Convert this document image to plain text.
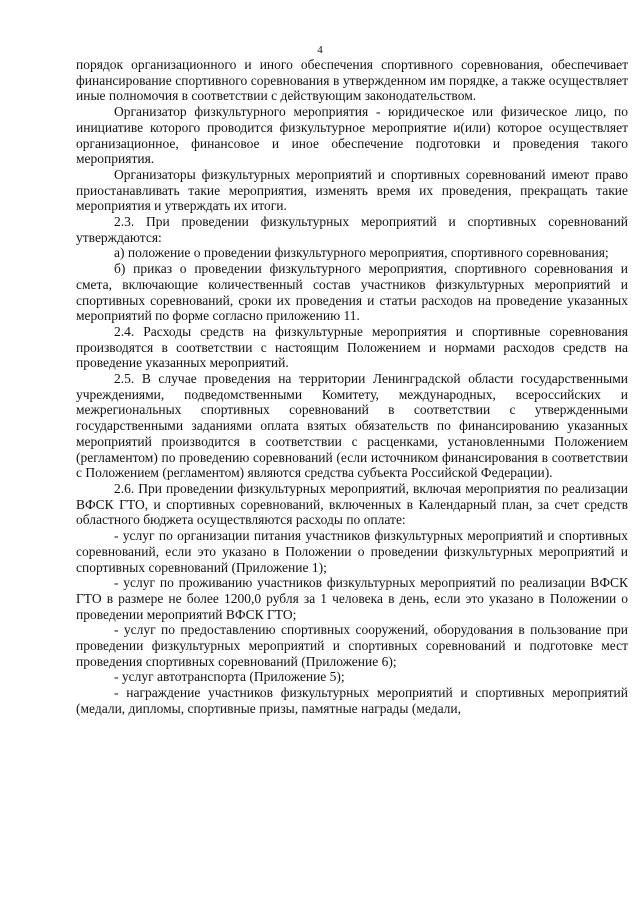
4

порядок организационного и иного обеспечения спортивного соревнования, обеспечивает финансирование спортивного соревнования в утвержденном им порядке, а также осуществляет иные полномочия в соответствии с действующим законодательством.

Организатор физкультурного мероприятия - юридическое или физическое лицо, по инициативе которого проводится физкультурное мероприятие и(или) которое осуществляет организационное, финансовое и иное обеспечение подготовки и проведения такого мероприятия.

Организаторы физкультурных мероприятий и спортивных соревнований имеют право приостанавливать такие мероприятия, изменять время их проведения, прекращать такие мероприятия и утверждать их итоги.

2.3. При проведении физкультурных мероприятий и спортивных соревнований утверждаются:

а) положение о проведении физкультурного мероприятия, спортивного соревнования;

б) приказ о проведении физкультурного мероприятия, спортивного соревнования и смета, включающие количественный состав участников физкультурных мероприятий и спортивных соревнований, сроки их проведения и статьи расходов на проведение указанных мероприятий по форме согласно приложению 11.

2.4. Расходы средств на физкультурные мероприятия и спортивные соревнования производятся в соответствии с настоящим Положением и нормами расходов средств на проведение указанных мероприятий.

2.5. В случае проведения на территории Ленинградской области государственными учреждениями, подведомственными Комитету, международных, всероссийских и межрегиональных спортивных соревнований в соответствии с утвержденными государственными заданиями оплата взятых обязательств по финансированию указанных мероприятий производится в соответствии с расценками, установленными Положением (регламентом) по проведению соревнований (если источником финансирования в соответствии с Положением (регламентом) являются средства субъекта Российской Федерации).

2.6. При проведении физкультурных мероприятий, включая мероприятия по реализации ВФСК ГТО, и спортивных соревнований, включенных в Календарный план, за счет средств областного бюджета осуществляются расходы по оплате:

- услуг по организации питания участников физкультурных мероприятий и спортивных соревнований, если это указано в Положении о проведении физкультурных мероприятий и спортивных соревнований (Приложение 1);

- услуг по проживанию участников физкультурных мероприятий по реализации ВФСК ГТО в размере не более 1200,0 рубля за 1 человека в день, если это указано в Положении о проведении мероприятий ВФСК ГТО;

- услуг по предоставлению спортивных сооружений, оборудования в пользование при проведении физкультурных мероприятий и спортивных соревнований и подготовке мест проведения спортивных соревнований (Приложение 6);

- услуг автотранспорта (Приложение 5);

- награждение участников физкультурных мероприятий и спортивных мероприятий (медали, дипломы, спортивные призы, памятные награды (медали,
